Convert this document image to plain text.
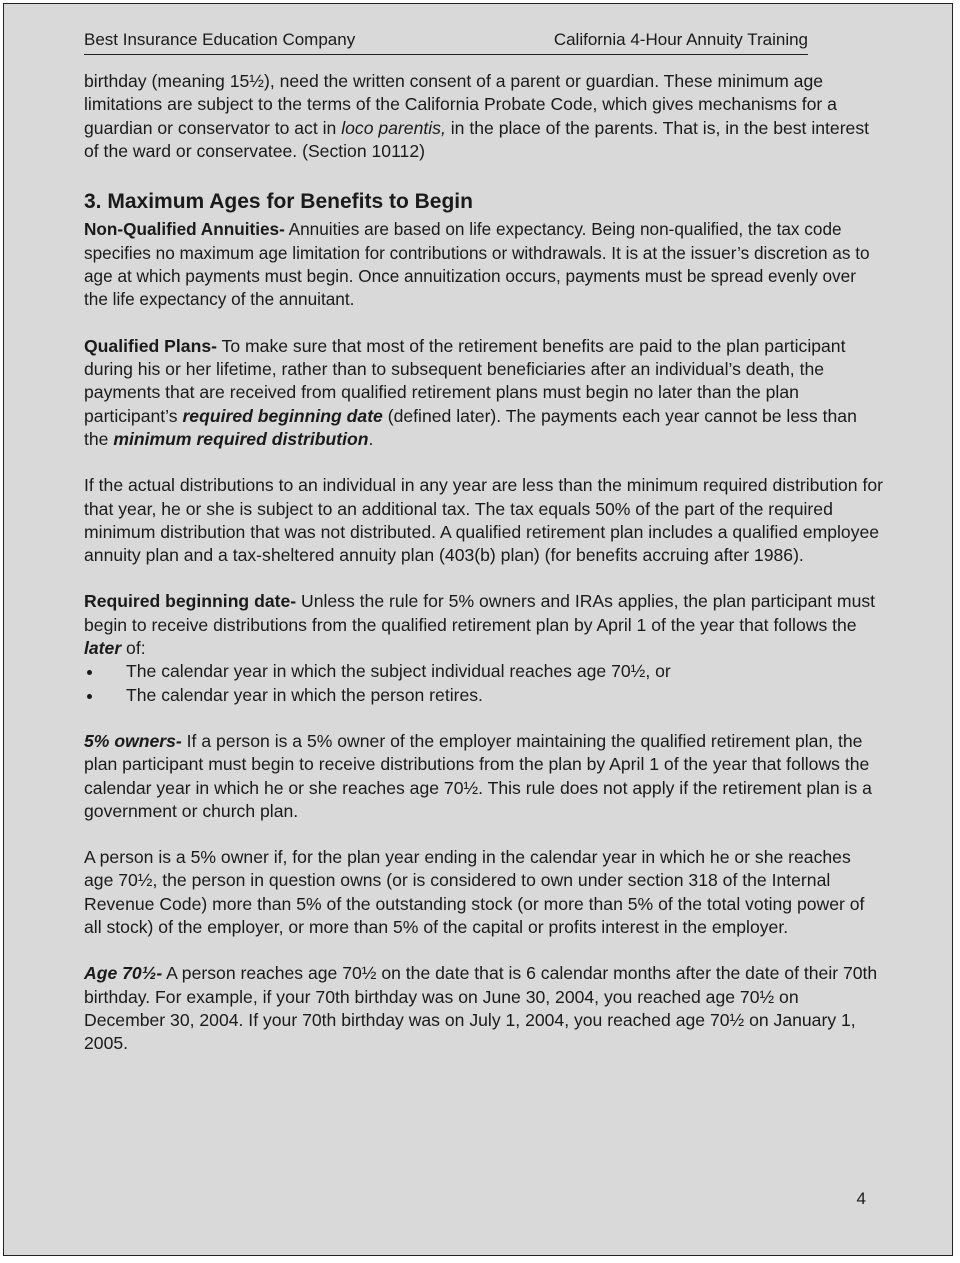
Best Insurance Education Company	California 4-Hour Annuity Training

birthday (meaning 15½), need the written consent of a parent or guardian. These minimum age limitations are subject to the terms of the California Probate Code, which gives mechanisms for a guardian or conservator to act in loco parentis, in the place of the parents. That is, in the best interest of the ward or conservatee. (Section 10112)

3. Maximum Ages for Benefits to Begin

Non-Qualified Annuities- Annuities are based on life expectancy. Being non-qualified, the tax code specifies no maximum age limitation for contributions or withdrawals. It is at the issuer’s discretion as to age at which payments must begin. Once annuitization occurs, payments must be spread evenly over the life expectancy of the annuitant.

Qualified Plans- To make sure that most of the retirement benefits are paid to the plan participant during his or her lifetime, rather than to subsequent beneficiaries after an individual’s death, the payments that are received from qualified retirement plans must begin no later than the plan participant’s required beginning date (defined later). The payments each year cannot be less than the minimum required distribution.

If the actual distributions to an individual in any year are less than the minimum required distribution for that year, he or she is subject to an additional tax. The tax equals 50% of the part of the required minimum distribution that was not distributed. A qualified retirement plan includes a qualified employee annuity plan and a tax-sheltered annuity plan (403(b) plan) (for benefits accruing after 1986).

Required beginning date- Unless the rule for 5% owners and IRAs applies, the plan participant must begin to receive distributions from the qualified retirement plan by April 1 of the year that follows the later of:

The calendar year in which the subject individual reaches age 70½, or
The calendar year in which the person retires.

5% owners- If a person is a 5% owner of the employer maintaining the qualified retirement plan, the plan participant must begin to receive distributions from the plan by April 1 of the year that follows the calendar year in which he or she reaches age 70½. This rule does not apply if the retirement plan is a government or church plan.

A person is a 5% owner if, for the plan year ending in the calendar year in which he or she reaches age 70½, the person in question owns (or is considered to own under section 318 of the Internal Revenue Code) more than 5% of the outstanding stock (or more than 5% of the total voting power of all stock) of the employer, or more than 5% of the capital or profits interest in the employer.

Age 70½- A person reaches age 70½ on the date that is 6 calendar months after the date of their 70th birthday. For example, if your 70th birthday was on June 30, 2004, you reached age 70½ on December 30, 2004. If your 70th birthday was on July 1, 2004, you reached age 70½ on January 1, 2005.

4
